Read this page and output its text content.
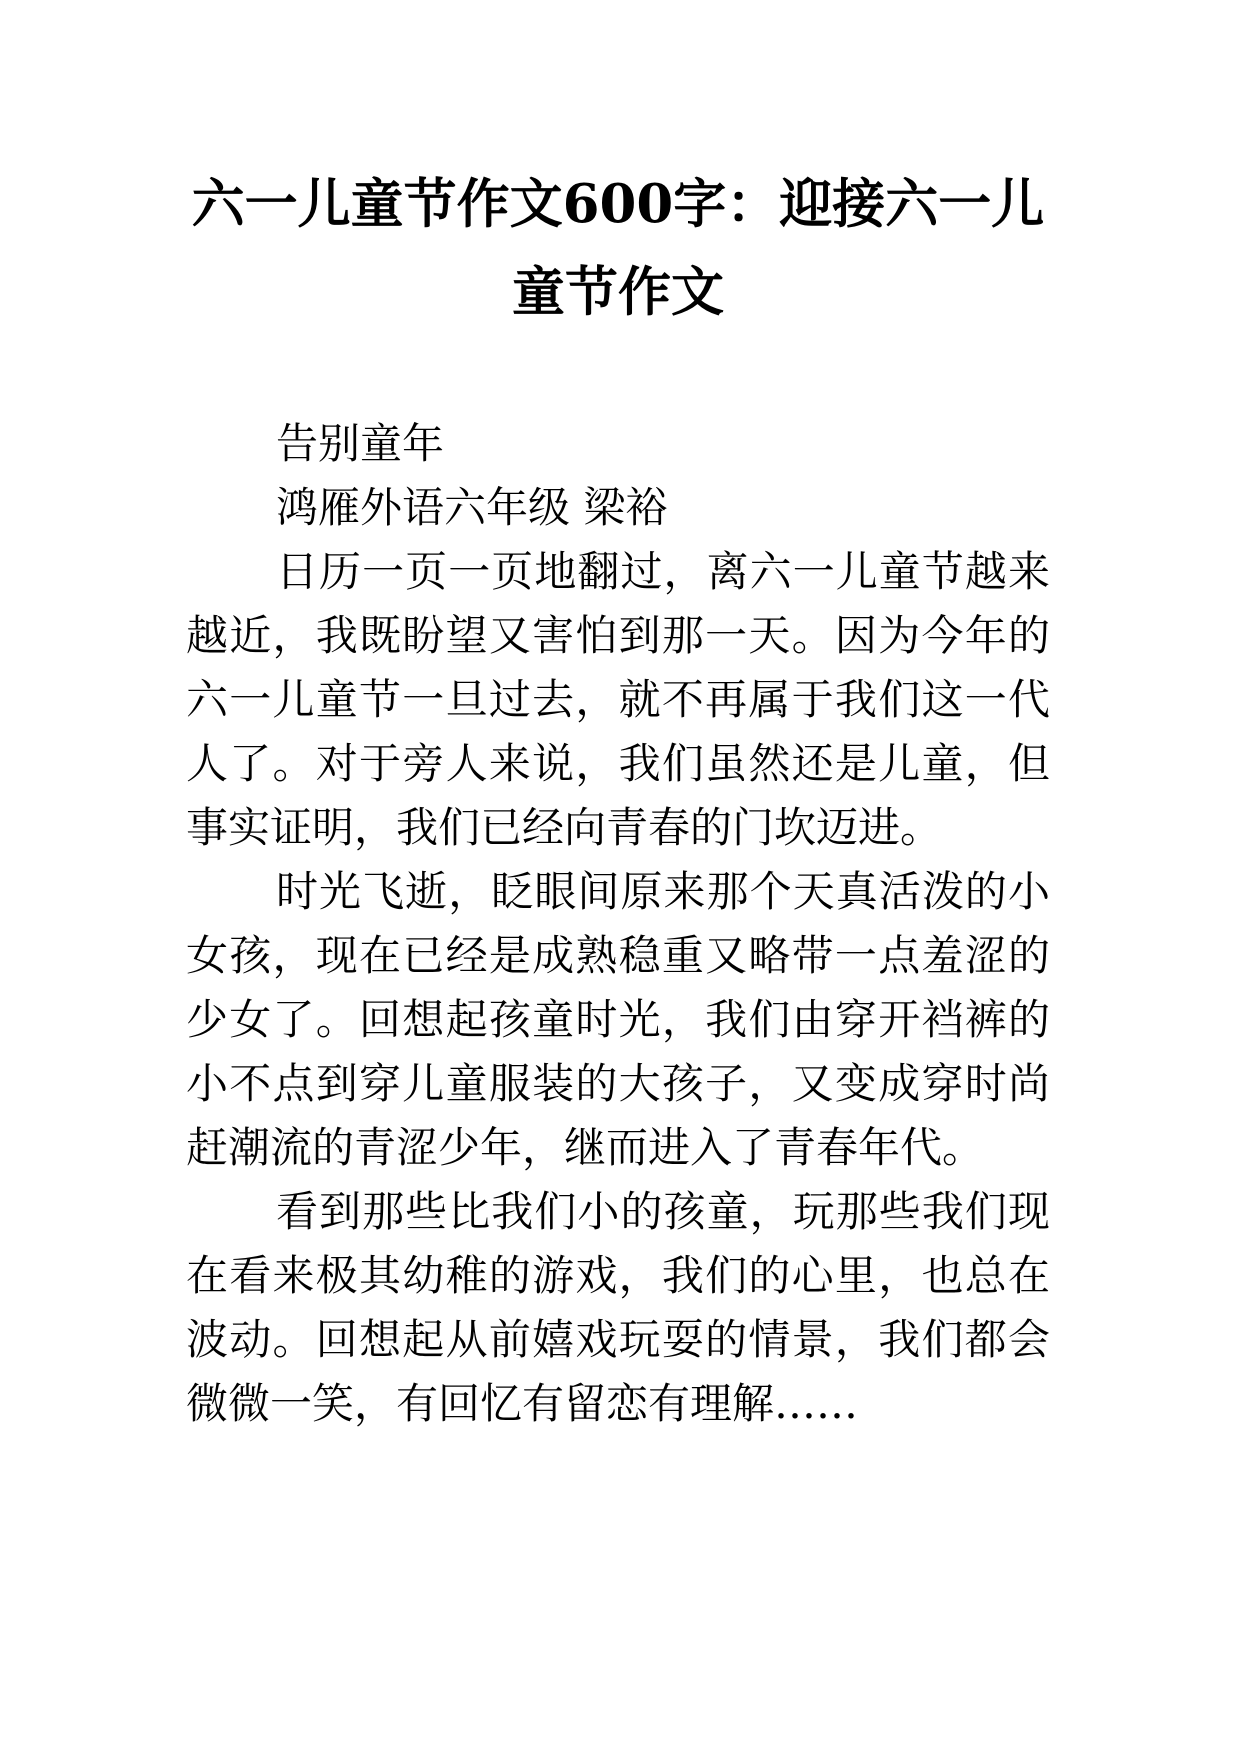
六一儿童节作文600字：迎接六一儿
童节作文

告别童年

鸿雁外语六年级 梁裕

日历一页一页地翻过，离六一儿童节越来越近，我既盼望又害怕到那一天。因为今年的六一儿童节一旦过去，就不再属于我们这一代人了。对于旁人来说，我们虽然还是儿童，但事实证明，我们已经向青春的门坎迈进。

时光飞逝，眨眼间原来那个天真活泼的小女孩，现在已经是成熟稳重又略带一点羞涩的少女了。回想起孩童时光，我们由穿开裆裤的小不点到穿儿童服装的大孩子，又变成穿时尚赶潮流的青涩少年，继而进入了青春年代。

看到那些比我们小的孩童，玩那些我们现在看来极其幼稚的游戏，我们的心里，也总在波动。回想起从前嬉戏玩耍的情景，我们都会微微一笑，有回忆有留恋有理解……
